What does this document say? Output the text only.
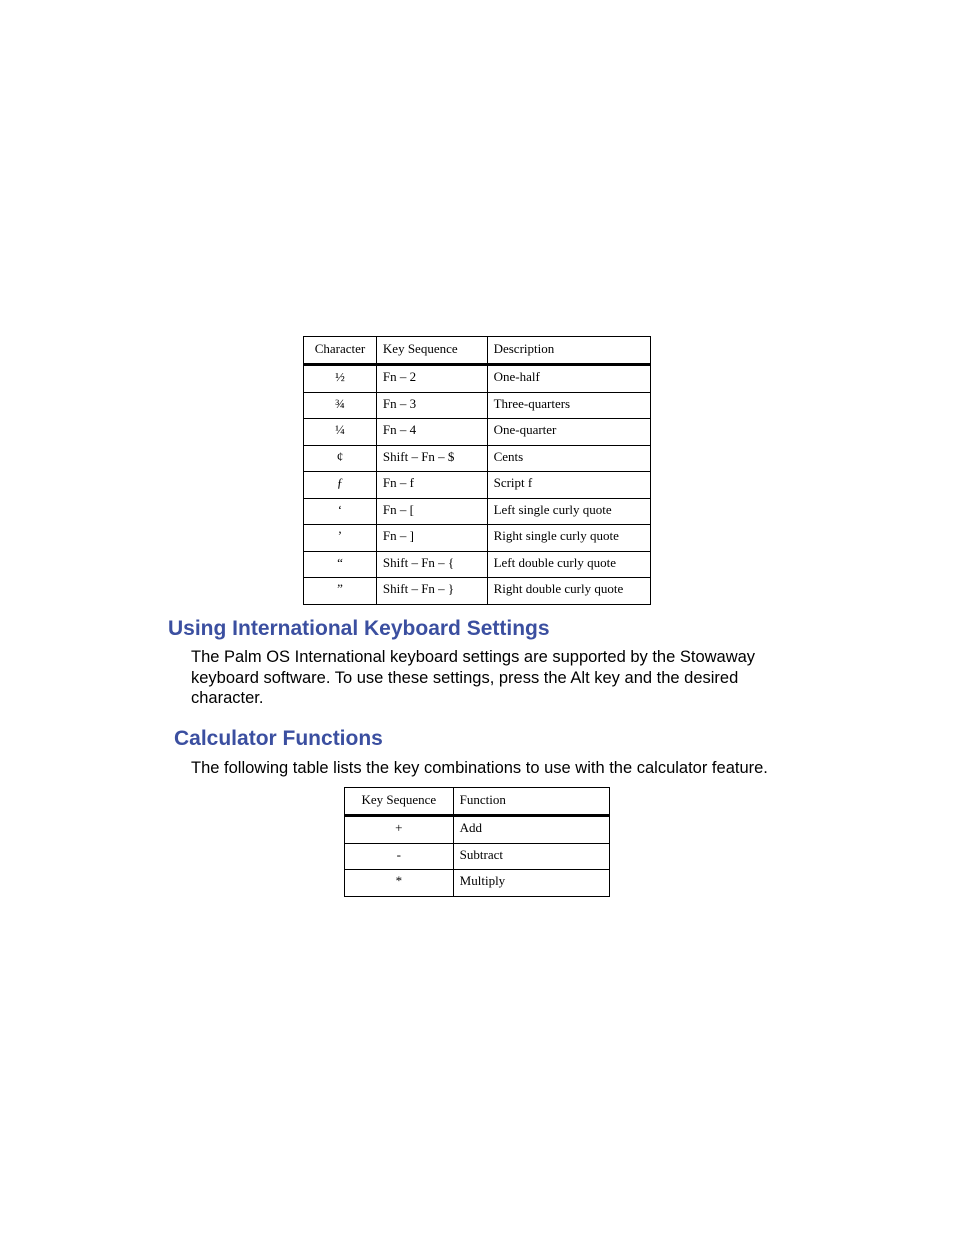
Character	Key Sequence	Description
½	Fn – 2	One-half
¾	Fn – 3	Three-quarters
¼	Fn – 4	One-quarter
¢	Shift – Fn – $	Cents
ƒ	Fn – f	Script f
‘	Fn – [	Left single curly quote
’	Fn – ]	Right single curly quote
“	Shift – Fn – {	Left double curly quote
”	Shift – Fn – }	Right double curly quote
Using International Keyboard Settings

The Palm OS International keyboard settings are supported by the Stowaway keyboard software. To use these settings, press the Alt key and the desired character.

Calculator Functions

The following table lists the key combinations to use with the calculator feature.

Key Sequence	Function
+	Add
-	Subtract
*	Multiply
